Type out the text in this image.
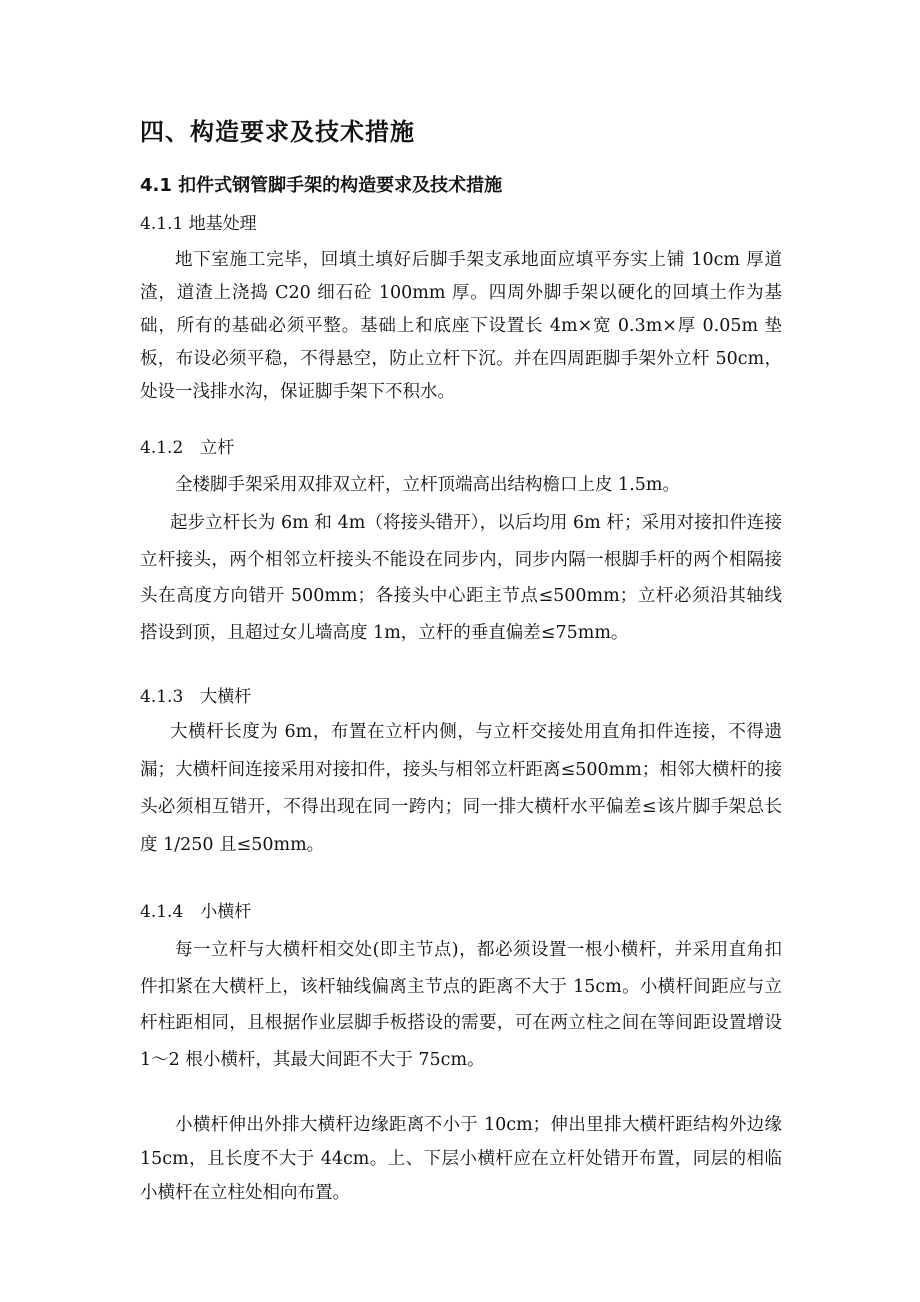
四、构造要求及技术措施
4.1 扣件式钢管脚手架的构造要求及技术措施
4.1.1 地基处理
地下室施工完毕，回填土填好后脚手架支承地面应填平夯实上铺 10cm 厚道渣，道渣上浇捣 C20 细石砼 100mm 厚。四周外脚手架以硬化的回填土作为基础，所有的基础必须平整。基础上和底座下设置长 4m×宽 0.3m×厚 0.05m 垫板，布设必须平稳，不得悬空，防止立杆下沉。并在四周距脚手架外立杆 50cm，处设一浅排水沟，保证脚手架下不积水。
4.1.2　立杆
全楼脚手架采用双排双立杆，立杆顶端高出结构檐口上皮 1.5m。
起步立杆长为 6m 和 4m（将接头错开），以后均用 6m 杆；采用对接扣件连接立杆接头，两个相邻立杆接头不能设在同步内，同步内隔一根脚手杆的两个相隔接头在高度方向错开 500mm；各接头中心距主节点≤500mm；立杆必须沿其轴线搭设到顶，且超过女儿墙高度 1m，立杆的垂直偏差≤75mm。
4.1.3　大横杆
大横杆长度为 6m，布置在立杆内侧，与立杆交接处用直角扣件连接，不得遗漏；大横杆间连接采用对接扣件，接头与相邻立杆距离≤500mm；相邻大横杆的接头必须相互错开，不得出现在同一跨内；同一排大横杆水平偏差≤该片脚手架总长度 1/250 且≤50mm。
4.1.4　小横杆
每一立杆与大横杆相交处(即主节点)，都必须设置一根小横杆，并采用直角扣件扣紧在大横杆上，该杆轴线偏离主节点的距离不大于 15cm。小横杆间距应与立杆柱距相同，且根据作业层脚手板搭设的需要，可在两立柱之间在等间距设置增设 1～2 根小横杆，其最大间距不大于 75cm。
小横杆伸出外排大横杆边缘距离不小于 10cm；伸出里排大横杆距结构外边缘 15cm，且长度不大于 44cm。上、下层小横杆应在立杆处错开布置，同层的相临小横杆在立柱处相向布置。
